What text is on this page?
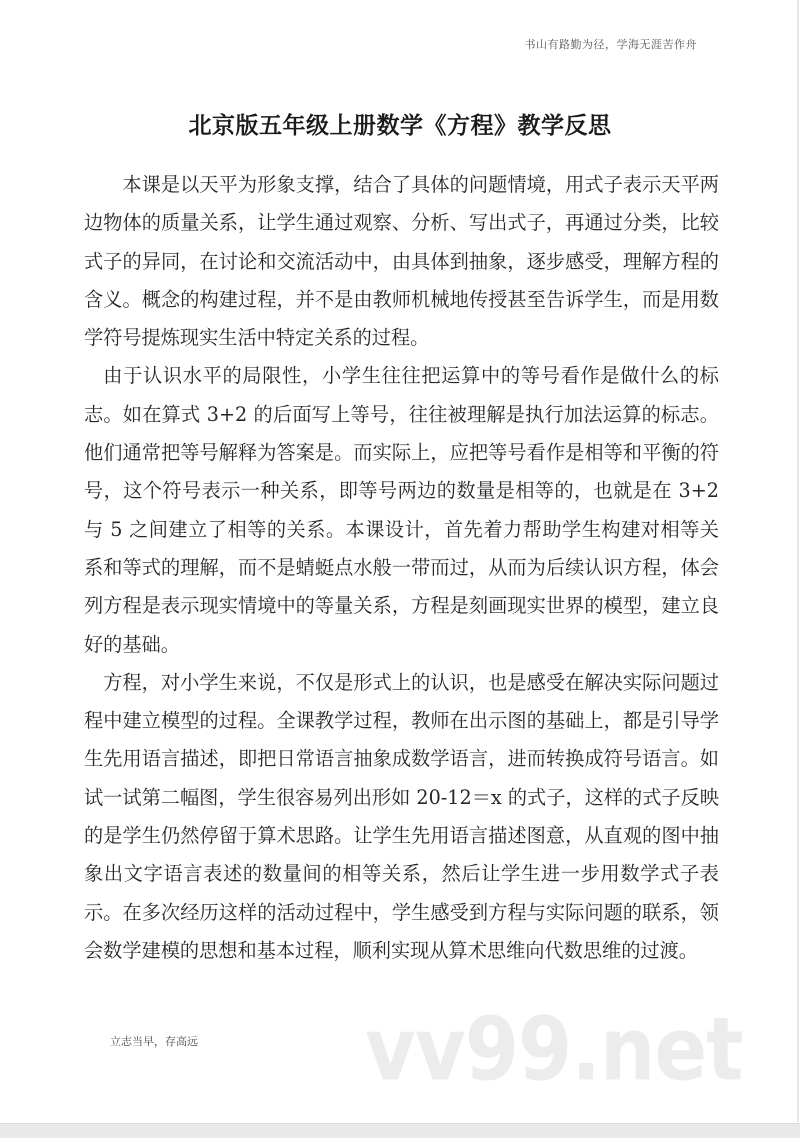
书山有路勤为径，学海无涯苦作舟
北京版五年级上册数学《方程》教学反思

本课是以天平为形象支撑，结合了具体的问题情境，用式子表示天平两边物体的质量关系，让学生通过观察、分析、写出式子，再通过分类，比较式子的异同，在讨论和交流活动中，由具体到抽象，逐步感受，理解方程的含义。概念的构建过程，并不是由教师机械地传授甚至告诉学生，而是用数学符号提炼现实生活中特定关系的过程。

由于认识水平的局限性，小学生往往把运算中的等号看作是做什么的标志。如在算式 3+2 的后面写上等号，往往被理解是执行加法运算的标志。他们通常把等号解释为答案是。而实际上，应把等号看作是相等和平衡的符号，这个符号表示一种关系，即等号两边的数量是相等的，也就是在 3+2 与 5 之间建立了相等的关系。本课设计，首先着力帮助学生构建对相等关系和等式的理解，而不是蜻蜓点水般一带而过，从而为后续认识方程，体会列方程是表示现实情境中的等量关系，方程是刻画现实世界的模型，建立良好的基础。

方程，对小学生来说，不仅是形式上的认识，也是感受在解决实际问题过程中建立模型的过程。全课教学过程，教师在出示图的基础上，都是引导学生先用语言描述，即把日常语言抽象成数学语言，进而转换成符号语言。如试一试第二幅图，学生很容易列出形如 20-12＝x 的式子，这样的式子反映的是学生仍然停留于算术思路。让学生先用语言描述图意，从直观的图中抽象出文字语言表述的数量间的相等关系，然后让学生进一步用数学式子表示。在多次经历这样的活动过程中，学生感受到方程与实际问题的联系，领会数学建模的思想和基本过程，顺利实现从算术思维向代数思维的过渡。

立志当早，存高远 vv99.net
